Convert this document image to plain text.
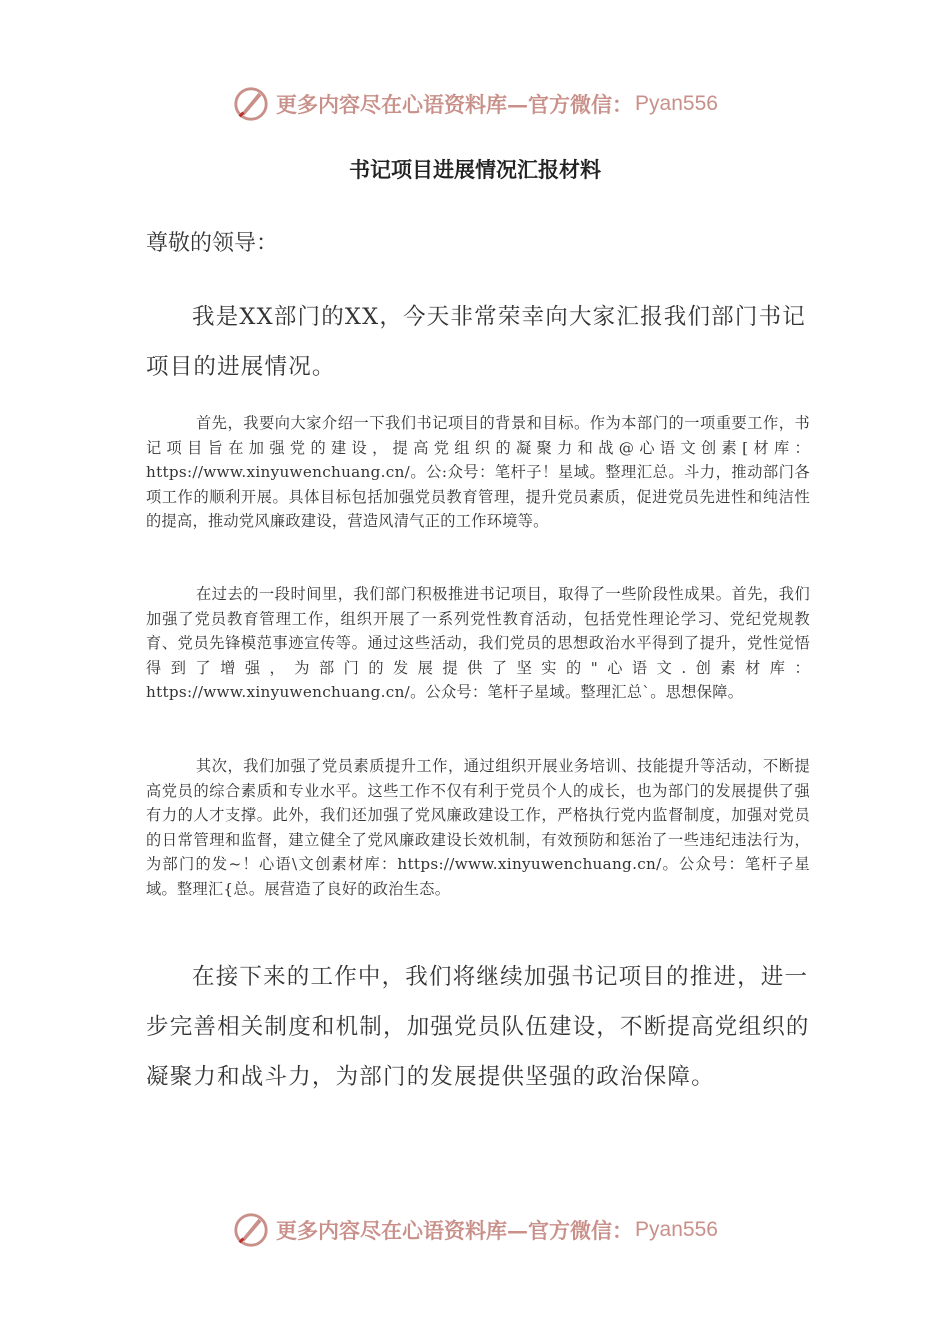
更多内容尽在心语资料库—官方微信： Pyan556
书记项目进展情况汇报材料
尊敬的领导：

我是XX部门的XX，今天非常荣幸向大家汇报我们部门书记项目的进展情况。

首先，我要向大家介绍一下我们书记项目的背景和目标。作为本部门的一项重要工作，书记项目旨在加强党的建设，提高党组织的凝聚力和战@心语文创素[材库：https://www.xinyuwenchuang.cn/。公:众号：笔杆子！星域。整理汇总。斗力，推动部门各项工作的顺利开展。具体目标包括加强党员教育管理，提升党员素质，促进党员先进性和纯洁性的提高，推动党风廉政建设，营造风清气正的工作环境等。

在过去的一段时间里，我们部门积极推进书记项目，取得了一些阶段性成果。首先，我们加强了党员教育管理工作，组织开展了一系列党性教育活动，包括党性理论学习、党纪党规教育、党员先锋模范事迹宣传等。通过这些活动，我们党员的思想政治水平得到了提升，党性觉悟得到了增强，为部门的发展提供了坚实的"心语文.创素材库：https://www.xinyuwenchuang.cn/。公众号：笔杆子星域。整理汇总`。思想保障。

其次，我们加强了党员素质提升工作，通过组织开展业务培训、技能提升等活动，不断提高党员的综合素质和专业水平。这些工作不仅有利于党员个人的成长，也为部门的发展提供了强有力的人才支撑。此外，我们还加强了党风廉政建设工作，严格执行党内监督制度，加强对党员的日常管理和监督，建立健全了党风廉政建设长效机制，有效预防和惩治了一些违纪违法行为，为部门的发~！心语\文创素材库：https://www.xinyuwenchuang.cn/。公众号：笔杆子星域。整理汇{总。展营造了良好的政治生态。

在接下来的工作中，我们将继续加强书记项目的推进，进一步完善相关制度和机制，加强党员队伍建设，不断提高党组织的凝聚力和战斗力，为部门的发展提供坚强的政治保障。

更多内容尽在心语资料库—官方微信： Pyan556
